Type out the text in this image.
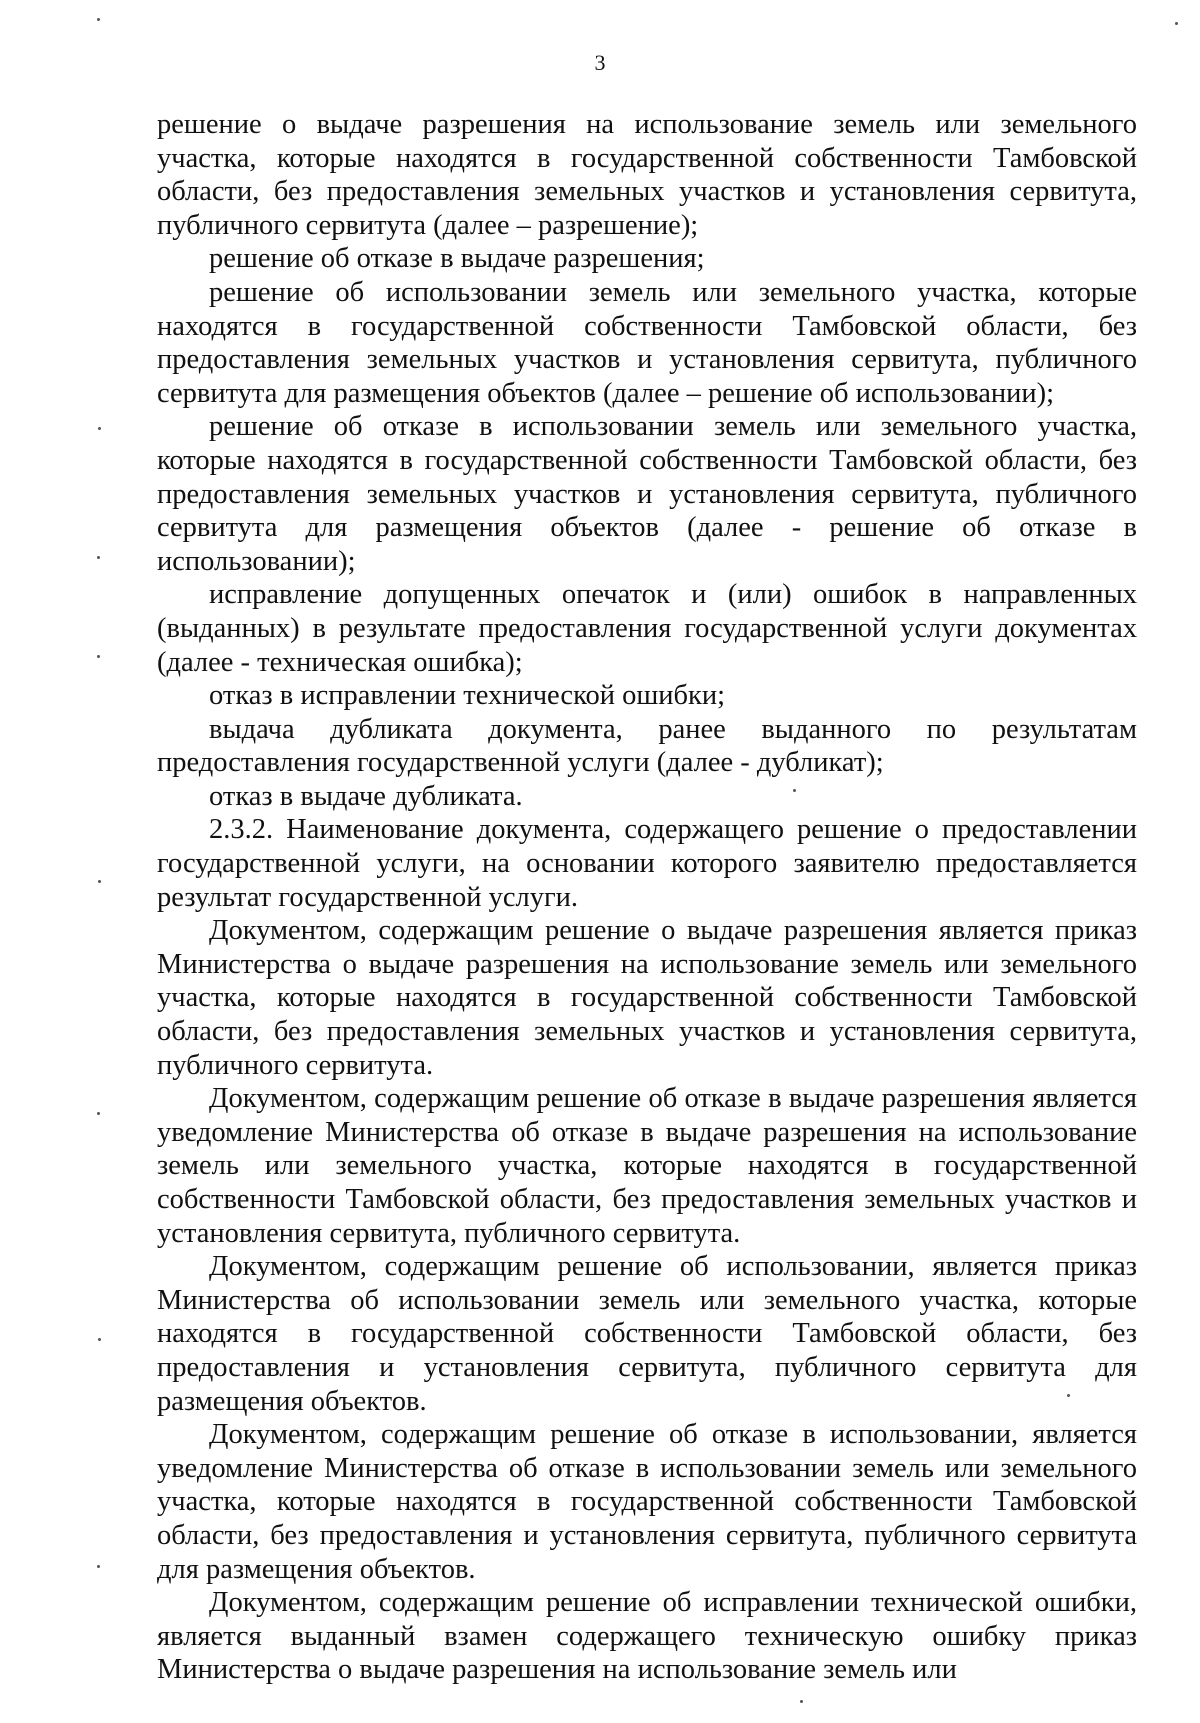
3

решение о выдаче разрешения на использование земель или земельного участка, которые находятся в государственной собственности Тамбовской области, без предоставления земельных участков и установления сервитута, публичного сервитута (далее – разрешение);

решение об отказе в выдаче разрешения;

решение об использовании земель или земельного участка, которые находятся в государственной собственности Тамбовской области, без предоставления земельных участков и установления сервитута, публичного сервитута для размещения объектов (далее – решение об использовании);

решение об отказе в использовании земель или земельного участка, которые находятся в государственной собственности Тамбовской области, без предоставления земельных участков и установления сервитута, публичного сервитута для размещения объектов (далее - решение об отказе в использовании);

исправление допущенных опечаток и (или) ошибок в направленных (выданных) в результате предоставления государственной услуги документах (далее - техническая ошибка);

отказ в исправлении технической ошибки;

выдача дубликата документа, ранее выданного по результатам предоставления государственной услуги (далее - дубликат);

отказ в выдаче дубликата.

2.3.2. Наименование документа, содержащего решение о предоставлении государственной услуги, на основании которого заявителю предоставляется результат государственной услуги.

Документом, содержащим решение о выдаче разрешения является приказ Министерства о выдаче разрешения на использование земель или земельного участка, которые находятся в государственной собственности Тамбовской области, без предоставления земельных участков и установления сервитута, публичного сервитута.

Документом, содержащим решение об отказе в выдаче разрешения является уведомление Министерства об отказе в выдаче разрешения на использование земель или земельного участка, которые находятся в государственной собственности Тамбовской области, без предоставления земельных участков и установления сервитута, публичного сервитута.

Документом, содержащим решение об использовании, является приказ Министерства об использовании земель или земельного участка, которые находятся в государственной собственности Тамбовской области, без предоставления и установления сервитута, публичного сервитута для размещения объектов.

Документом, содержащим решение об отказе в использовании, является уведомление Министерства об отказе в использовании земель или земельного участка, которые находятся в государственной собственности Тамбовской области, без предоставления и установления сервитута, публичного сервитута для размещения объектов.

Документом, содержащим решение об исправлении технической ошибки, является выданный взамен содержащего техническую ошибку приказ Министерства о выдаче разрешения на использование земель или
